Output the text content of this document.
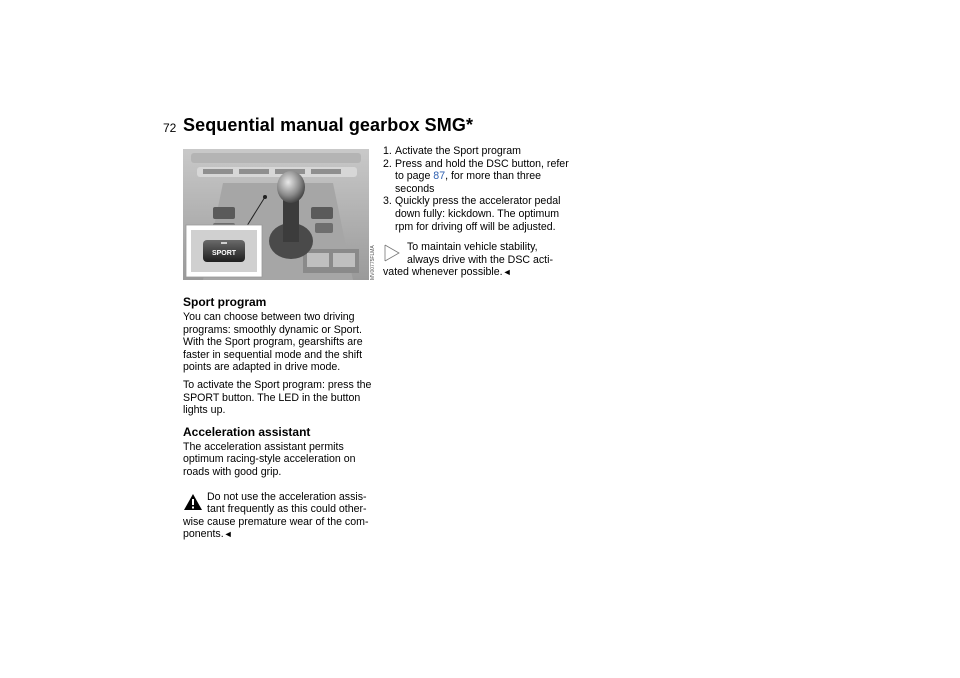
72 Sequential manual gearbox SMG*
SPORT	MV00775FLMA
Sport program

You can choose between two driving programs: smoothly dynamic or Sport. With the Sport program, gearshifts are faster in sequential mode and the shift points are adapted in drive mode.

To activate the Sport program: press the SPORT button. The LED in the button lights up.

Acceleration assistant

The acceleration assistant permits optimum racing-style acceleration on roads with good grip.

Do not use the acceleration assis-
tant frequently as this could other-
wise cause premature wear of the com-
ponents.◄
1. Activate the Sport program
2. Press and hold the DSC button, refer to page 87, for more than three seconds
3. Quickly press the accelerator pedal down fully: kickdown. The optimum rpm for driving off will be adjusted.
To maintain vehicle stability,
always drive with the DSC acti-
vated whenever possible.◄
